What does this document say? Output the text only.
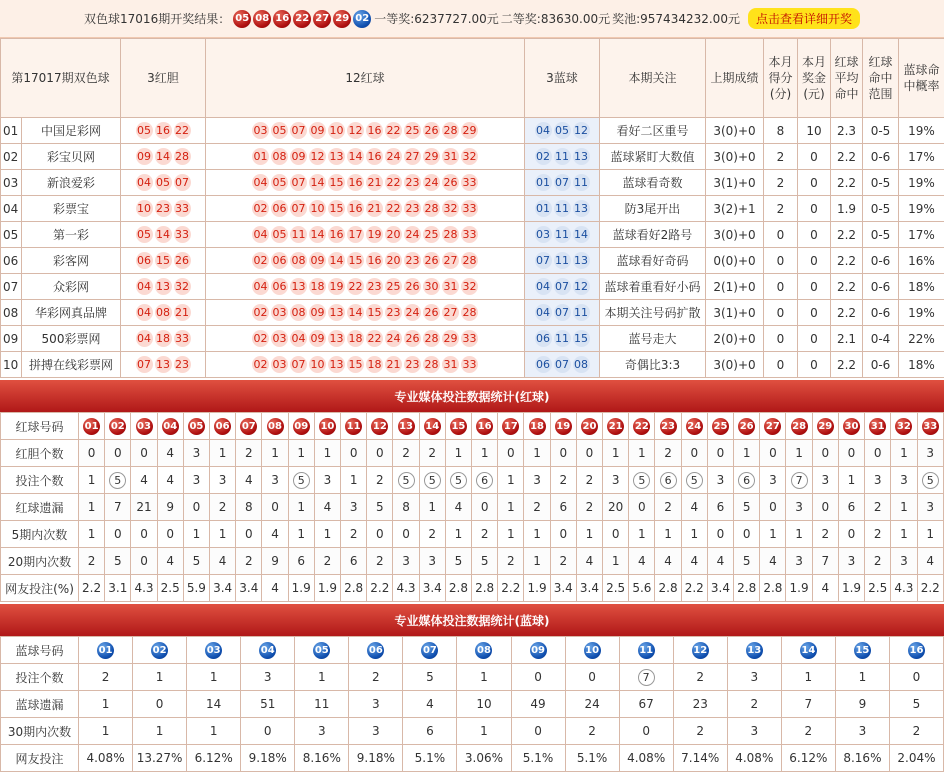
双色球17016期开奖结果： 05 08 16 22 27 29 02 一等奖:6237727.00元 二等奖:83630.00元 奖池:957434232.00元	点击查看详细开奖
第17017期双色球		3红胆	12红球	3蓝球	本期关注	上期成绩	本月得分(分)	本月奖金(元)	红球平均命中	红球命中范围	蓝球命中概率
01	中国足彩网	05 16 22	03 05 07 09 10 12 16 22 25 26 28 29	04 05 12	看好二区重号	3(0)+0	8	10	2.3	0-5	19%
02	彩宝贝网	09 14 28	01 08 09 12 13 14 16 24 27 29 31 32	02 11 13	蓝球紧盯大数值	3(0)+0	2	0	2.2	0-6	17%
03	新浪爱彩	04 05 07	04 05 07 14 15 16 21 22 23 24 26 33	01 07 11	蓝球看奇数	3(1)+0	2	0	2.2	0-5	19%
04	彩票宝	10 23 33	02 06 07 10 15 16 21 22 23 28 32 33	01 11 13	防3尾开出	3(2)+1	2	0	1.9	0-5	19%
05	第一彩	05 14 33	04 05 11 14 16 17 19 20 24 25 28 33	03 11 14	蓝球看好2路号	3(0)+0	0	0	2.2	0-5	17%
06	彩客网	06 15 26	02 06 08 09 14 15 16 20 23 26 27 28	07 11 13	蓝球看好奇码	0(0)+0	0	0	2.2	0-6	16%
07	众彩网	04 13 32	04 06 13 18 19 22 23 25 26 30 31 32	04 07 12	蓝球着重看好小码	2(1)+0	0	0	2.2	0-6	18%
08	华彩网真品牌	04 08 21	02 03 08 09 13 14 15 23 24 26 27 28	04 07 11	本期关注号码扩散	3(1)+0	0	0	2.2	0-6	19%
09	500彩票网	04 18 33	02 03 04 09 13 18 22 24 26 28 29 33	06 11 15	蓝号走大	2(0)+0	0	0	2.1	0-4	22%
10	拼搏在线彩票网	07 13 23	02 03 07 10 13 15 18 21 23 28 31 33	06 07 08	奇偶比3:3	3(0)+0	0	0	2.2	0-6	18%
专业媒体投注数据统计(红球)
红球号码	01	02	03	04	05	06	07	08	09	10	11	12	13	14	15	16	17	18	19	20	21	22	23	24	25	26	27	28	29	30	31	32	33
红胆个数	0	0	0	4	3	1	2	1	1	1	0	0	2	2	1	1	0	1	0	0	1	1	2	0	0	1	0	1	0	0	0	1	3
投注个数	1	5	4	4	3	3	4	3	5	3	1	2	5	5	5	6	1	3	2	2	3	5	6	5	3	6	3	7	3	1	3	3	5
红球遗漏	1	7	21	9	0	2	8	0	1	4	3	5	8	1	4	0	1	2	6	2	20	0	2	4	6	5	0	3	0	6	2	1	3
5期内次数	1	0	0	0	1	1	0	4	1	1	2	0	0	2	1	2	1	1	0	1	0	1	1	1	0	0	1	1	2	0	2	1	1
20期内次数	2	5	0	4	5	4	2	9	6	2	6	2	3	3	5	5	2	1	2	4	1	4	4	4	4	5	4	3	7	3	2	3	4
网友投注(%)	2.2	3.1	4.3	2.5	5.9	3.4	3.4	4	1.9	1.9	2.8	2.2	4.3	3.4	2.8	2.8	2.2	1.9	3.4	3.4	2.5	5.6	2.8	2.2	3.4	2.8	2.8	1.9	4	1.9	2.5	4.3	2.2
专业媒体投注数据统计(蓝球)
蓝球号码	01	02	03	04	05	06	07	08	09	10	11	12	13	14	15	16
投注个数	2	1	1	3	1	2	5	1	0	0	7	2	3	1	1	0
蓝球遗漏	1	0	14	51	11	3	4	10	49	24	67	23	2	7	9	5
30期内次数	1	1	1	0	3	3	6	1	0	2	0	2	3	2	3	2
网友投注	4.08%	13.27%	6.12%	9.18%	8.16%	9.18%	5.1%	3.06%	5.1%	5.1%	4.08%	7.14%	4.08%	6.12%	8.16%	2.04%
